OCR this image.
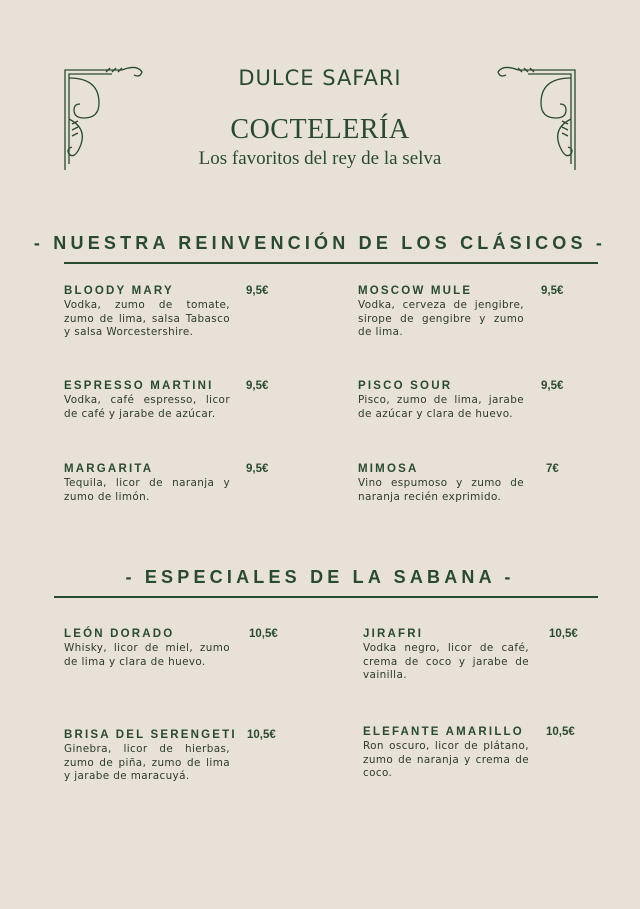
DULCE SAFARI
COCTELERÍA
Los favoritos del rey de la selva
- NUESTRA REINVENCIÓN DE LOS CLÁSICOS -
BLOODY MARY
Vodka, zumo de tomate, zumo de lima, salsa Tabasco y salsa Worcestershire.
9,5€	MOSCOW MULE
Vodka, cerveza de jengibre, sirope de gengibre y zumo de lima.
9,5€
ESPRESSO MARTINI
Vodka, café espresso, licor de café y jarabe de azúcar.
9,5€	PISCO SOUR
Pisco, zumo de lima, jarabe de azúcar y clara de huevo.
9,5€
MARGARITA
Tequila, licor de naranja y zumo de limón.
9,5€	MIMOSA
Vino espumoso y zumo de naranja recién exprimido.
7€
- ESPECIALES DE LA SABANA -
LEÓN DORADO
Whisky, licor de miel, zumo de lima y clara de huevo.
10,5€	JIRAFRI
Vodka negro, licor de café, crema de coco y jarabe de vainilla.
10,5€
BRISA DEL SERENGETI
Ginebra, licor de hierbas, zumo de piña, zumo de lima y jarabe de maracuyá.
10,5€	ELEFANTE AMARILLO
Ron oscuro, licor de plátano, zumo de naranja y crema de coco.
10,5€
